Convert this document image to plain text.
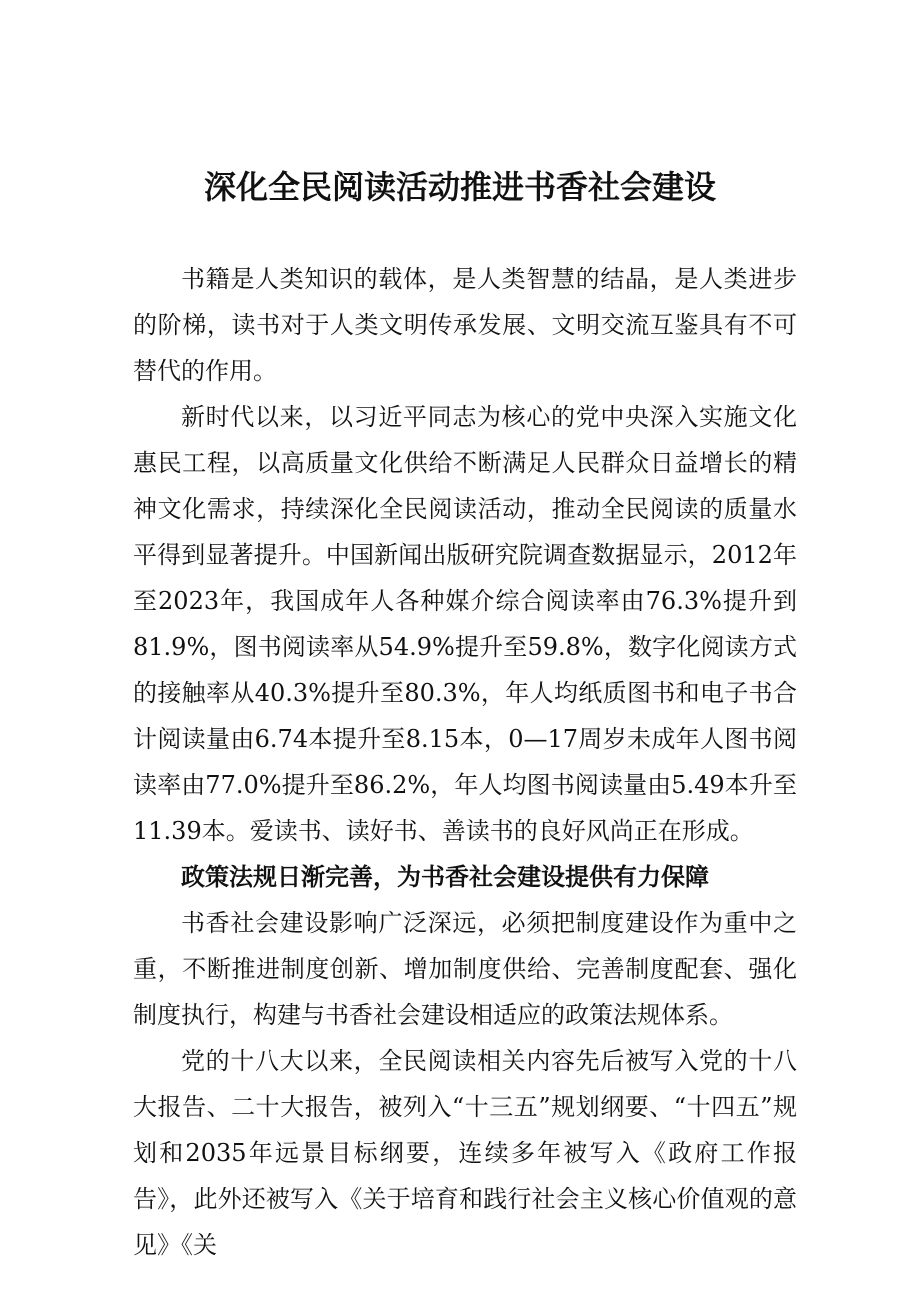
深化全民阅读活动推进书香社会建设

书籍是人类知识的载体，是人类智慧的结晶，是人类进步的阶梯，读书对于人类文明传承发展、文明交流互鉴具有不可替代的作用。

新时代以来，以习近平同志为核心的党中央深入实施文化惠民工程，以高质量文化供给不断满足人民群众日益增长的精神文化需求，持续深化全民阅读活动，推动全民阅读的质量水平得到显著提升。中国新闻出版研究院调查数据显示，2012年至2023年，我国成年人各种媒介综合阅读率由76.3%提升到81.9%，图书阅读率从54.9%提升至59.8%，数字化阅读方式的接触率从40.3%提升至80.3%，年人均纸质图书和电子书合计阅读量由6.74本提升至8.15本，0—17周岁未成年人图书阅读率由77.0%提升至86.2%，年人均图书阅读量由5.49本升至11.39本。爱读书、读好书、善读书的良好风尚正在形成。

政策法规日渐完善，为书香社会建设提供有力保障

书香社会建设影响广泛深远，必须把制度建设作为重中之重，不断推进制度创新、增加制度供给、完善制度配套、强化制度执行，构建与书香社会建设相适应的政策法规体系。

党的十八大以来，全民阅读相关内容先后被写入党的十八大报告、二十大报告，被列入“十三五”规划纲要、“十四五”规划和2035年远景目标纲要，连续多年被写入《政府工作报告》，此外还被写入《关于培育和践行社会主义核心价值观的意见》《关
